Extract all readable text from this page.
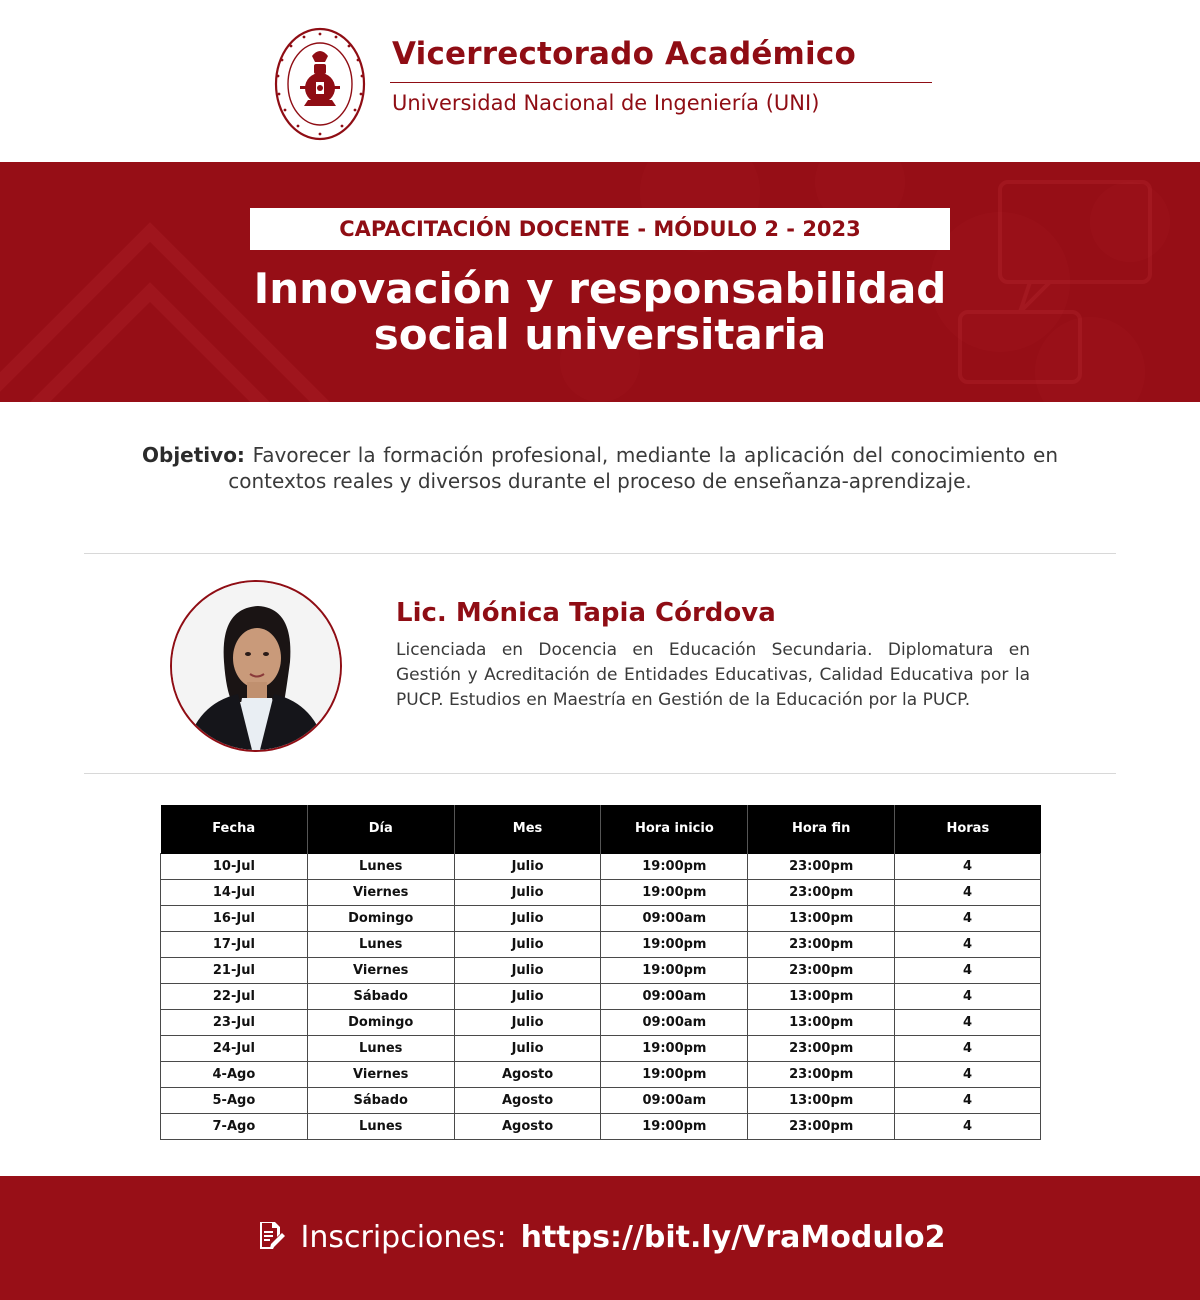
Vicerrectorado Académico
Universidad Nacional de Ingeniería (UNI)
CAPACITACIÓN DOCENTE - MÓDULO 2 - 2023
Innovación y responsabilidad
social universitaria
Objetivo: Favorecer la formación profesional, mediante la aplicación del conocimiento en contextos reales y diversos durante el proceso de enseñanza-aprendizaje.
Lic. Mónica Tapia Córdova
Licenciada en Docencia en Educación Secundaria. Diplomatura en Gestión y Acreditación de Entidades Educativas, Calidad Educativa por la PUCP. Estudios en Maestría en Gestión de la Educación por la PUCP.
Fecha	Día	Mes	Hora inicio	Hora fin	Horas
10-Jul	Lunes	Julio	19:00pm	23:00pm	4
14-Jul	Viernes	Julio	19:00pm	23:00pm	4
16-Jul	Domingo	Julio	09:00am	13:00pm	4
17-Jul	Lunes	Julio	19:00pm	23:00pm	4
21-Jul	Viernes	Julio	19:00pm	23:00pm	4
22-Jul	Sábado	Julio	09:00am	13:00pm	4
23-Jul	Domingo	Julio	09:00am	13:00pm	4
24-Jul	Lunes	Julio	19:00pm	23:00pm	4
4-Ago	Viernes	Agosto	19:00pm	23:00pm	4
5-Ago	Sábado	Agosto	09:00am	13:00pm	4
7-Ago	Lunes	Agosto	19:00pm	23:00pm	4
Inscripciones: https://bit.ly/VraModulo2
